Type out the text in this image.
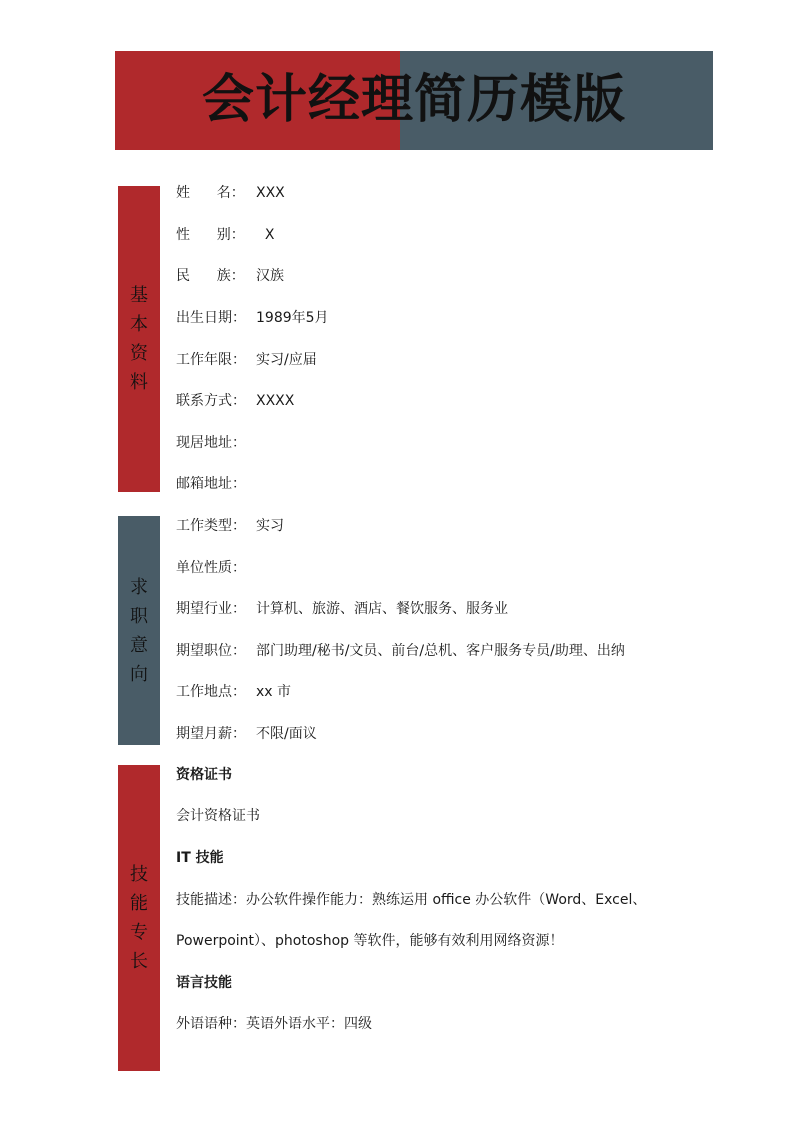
会计经理简历模版
基
本
资
料
姓      名： XXX
性      别：  X
民      族： 汉族
出生日期： 1989年5月
工作年限： 实习/应届
联系方式： XXXX
现居地址：
邮箱地址：
求
职
意
向
工作类型： 实习
单位性质：
期望行业： 计算机、旅游、酒店、餐饮服务、服务业
期望职位： 部门助理/秘书/文员、前台/总机、客户服务专员/助理、出纳
工作地点： xx 市
期望月薪： 不限/面议
技
能
专
长
资格证书
会计资格证书
IT 技能
技能描述：办公软件操作能力：熟练运用 office 办公软件（Word、Excel、
Powerpoint）、photoshop 等软件，能够有效利用网络资源！
语言技能
外语语种：英语外语水平：四级
